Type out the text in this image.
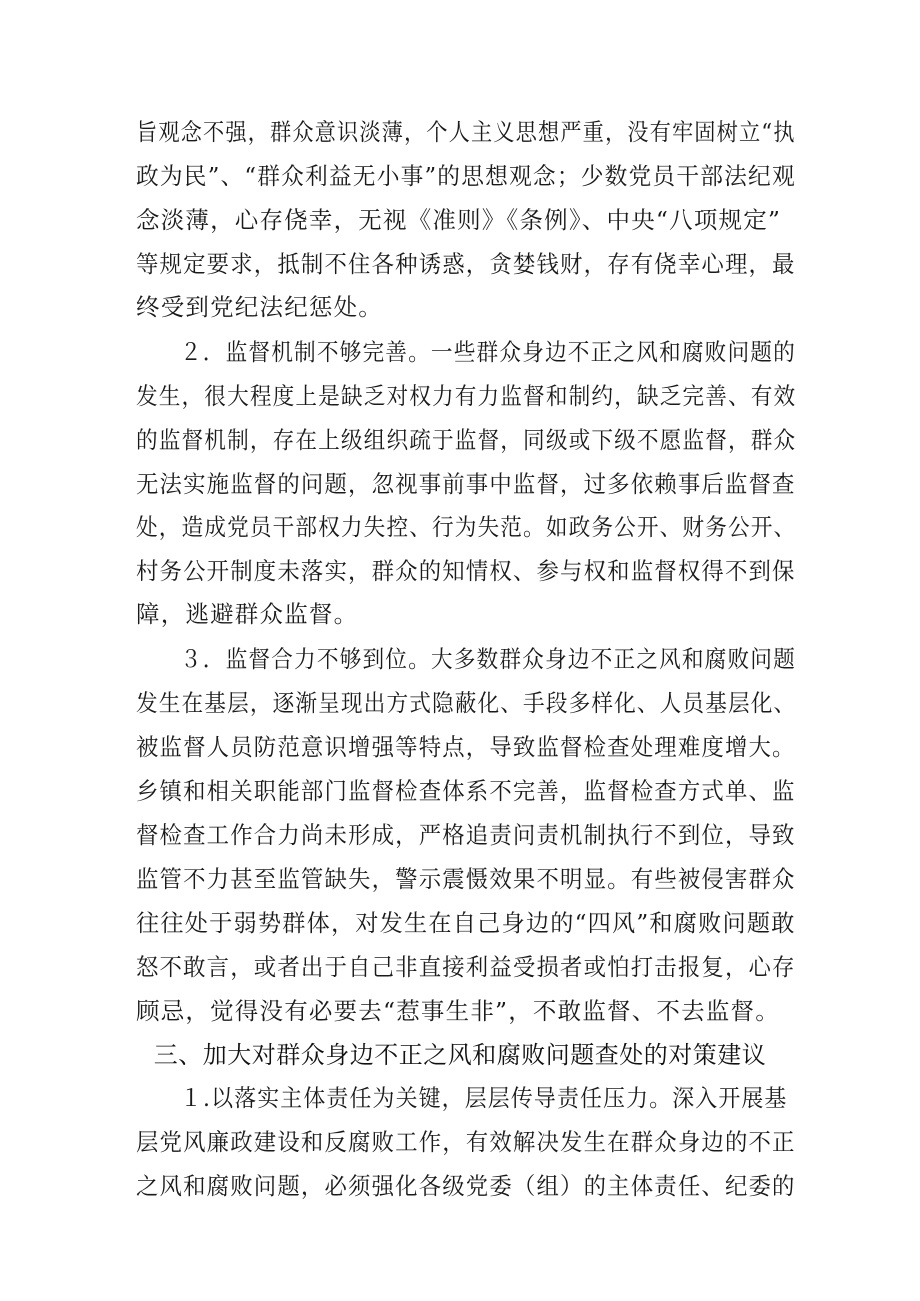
旨观念不强，群众意识淡薄，个人主义思想严重，没有牢固树立“执
政为民”、“群众利益无小事”的思想观念；少数党员干部法纪观
念淡薄，心存侥幸，无视《准则》《条例》、中央“八项规定”
等规定要求，抵制不住各种诱惑，贪婪钱财，存有侥幸心理，最
终受到党纪法纪惩处。
２．监督机制不够完善。一些群众身边不正之风和腐败问题的
发生，很大程度上是缺乏对权力有力监督和制约，缺乏完善、有效
的监督机制，存在上级组织疏于监督，同级或下级不愿监督，群众
无法实施监督的问题，忽视事前事中监督，过多依赖事后监督查
处，造成党员干部权力失控、行为失范。如政务公开、财务公开、
村务公开制度未落实，群众的知情权、参与权和监督权得不到保
障，逃避群众监督。
３．监督合力不够到位。大多数群众身边不正之风和腐败问题
发生在基层，逐渐呈现出方式隐蔽化、手段多样化、人员基层化、
被监督人员防范意识增强等特点，导致监督检查处理难度增大。
乡镇和相关职能部门监督检查体系不完善，监督检查方式单、监
督检查工作合力尚未形成，严格追责问责机制执行不到位，导致
监管不力甚至监管缺失，警示震慑效果不明显。有些被侵害群众
往往处于弱势群体，对发生在自己身边的“四风”和腐败问题敢
怒不敢言，或者出于自己非直接利益受损者或怕打击报复，心存
顾忌，觉得没有必要去“惹事生非”，不敢监督、不去监督。
三、加大对群众身边不正之风和腐败问题查处的对策建议
１.以落实主体责任为关键，层层传导责任压力。深入开展基
层党风廉政建设和反腐败工作，有效解决发生在群众身边的不正
之风和腐败问题，必须强化各级党委（组）的主体责任、纪委的
